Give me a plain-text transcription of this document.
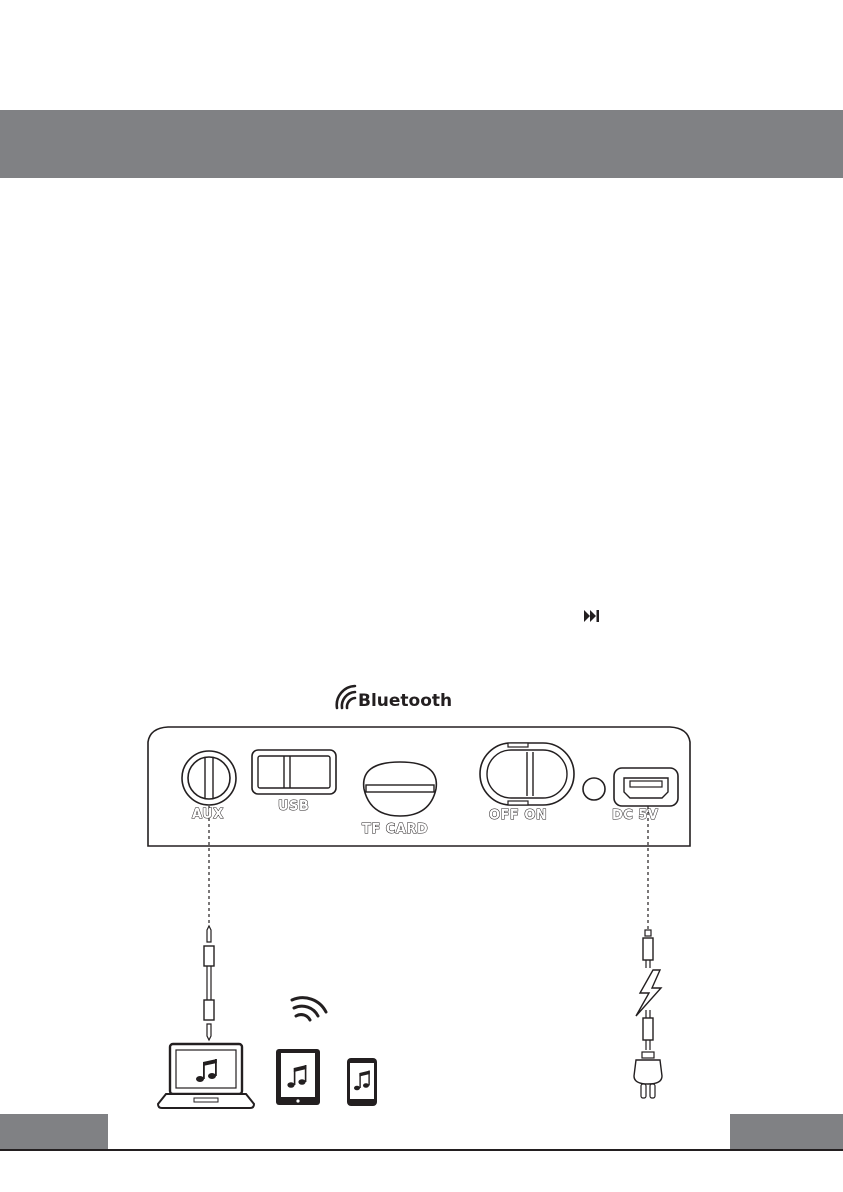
Bluetooth
AUX
USB
TF CARD
OFF ON	DC 5V
